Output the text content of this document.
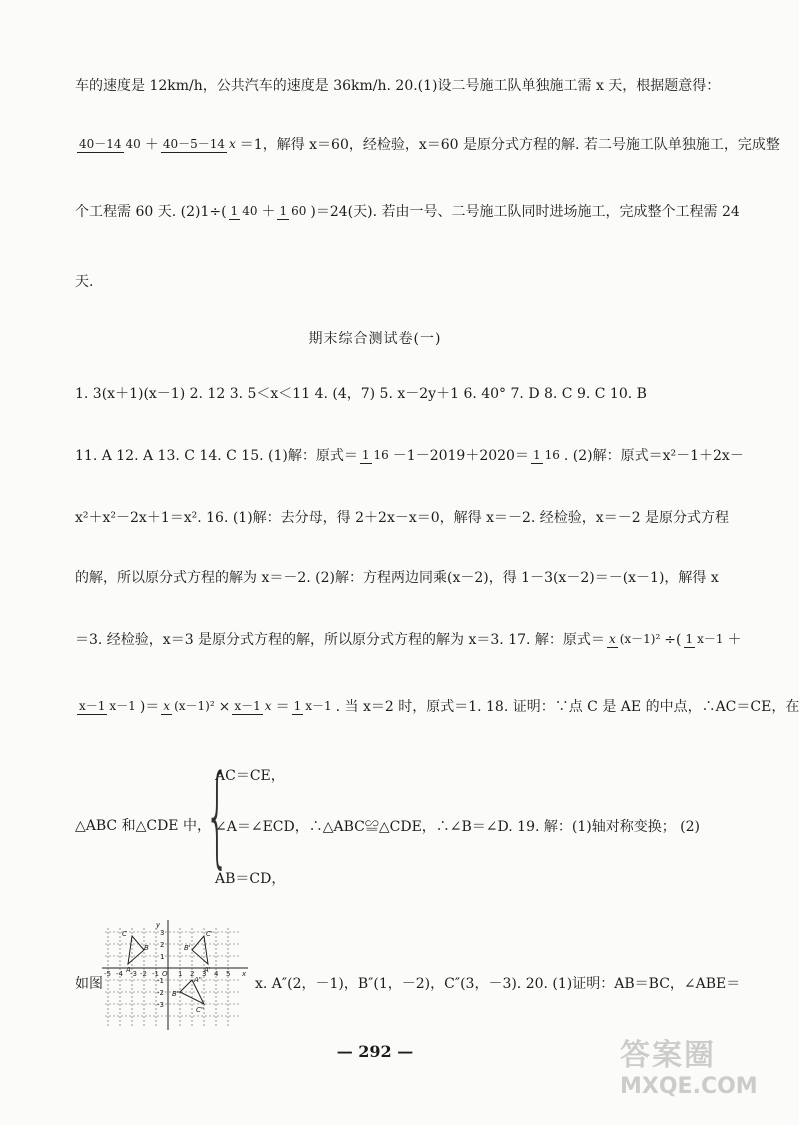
车的速度是 12km/h，公共汽车的速度是 36km/h. 20.(1)设二号施工队单独施工需 x 天，根据题意得：
40－14 40 ＋ 40－5－14 x ＝1，解得 x＝60，经检验，x＝60 是原分式方程的解. 若二号施工队单独施工，完成整
个工程需 60 天. (2)1÷( 1 40 ＋ 1 60 )＝24(天). 若由一号、二号施工队同时进场施工，完成整个工程需 24
天.
期末综合测试卷(一)
1. 3(x＋1)(x－1) 2. 12 3. 5＜x＜11 4. (4，7) 5. x－2y＋1 6. 40° 7. D 8. C 9. C 10. B
11. A 12. A 13. C 14. C 15. (1)解：原式＝ 1 16 －1－2019＋2020＝ 1 16 . (2)解：原式＝x²－1＋2x－
x²＋x²－2x＋1＝x². 16. (1)解：去分母，得 2＋2x－x＝0，解得 x＝－2. 经检验，x＝－2 是原分式方程
的解，所以原分式方程的解为 x＝－2. (2)解：方程两边同乘(x－2)，得 1－3(x－2)＝－(x－1)，解得 x
＝3. 经检验，x＝3 是原分式方程的解，所以原分式方程的解为 x＝3. 17. 解：原式＝ x (x－1)² ÷( 1 x－1 ＋
x－1 x－1 )＝ x (x－1)² × x－1 x ＝ 1 x－1 . 当 x＝2 时，原式＝1. 18. 证明：∵点 C 是 AE 的中点，∴AC＝CE，在
{
AC＝CE，
△ABC 和△CDE 中， ∠A＝∠ECD，∴△ABC≌△CDE，∴∠B＝∠D. 19. 解：(1)轴对称变换； (2)
AB＝CD，
如图	x. A″(2，－1)，B″(1，－2)，C″(3，－3). 20. (1)证明：AB＝BC，∠ABE＝
x
y
O
C
B
A
C'
B'
A'
A"
B"
C"
-5 -4 -3 -2 -1	1 2 3 4 5
3
2
1
-1
-2
-3
— 292 —	答案圈
MXQE.COM
